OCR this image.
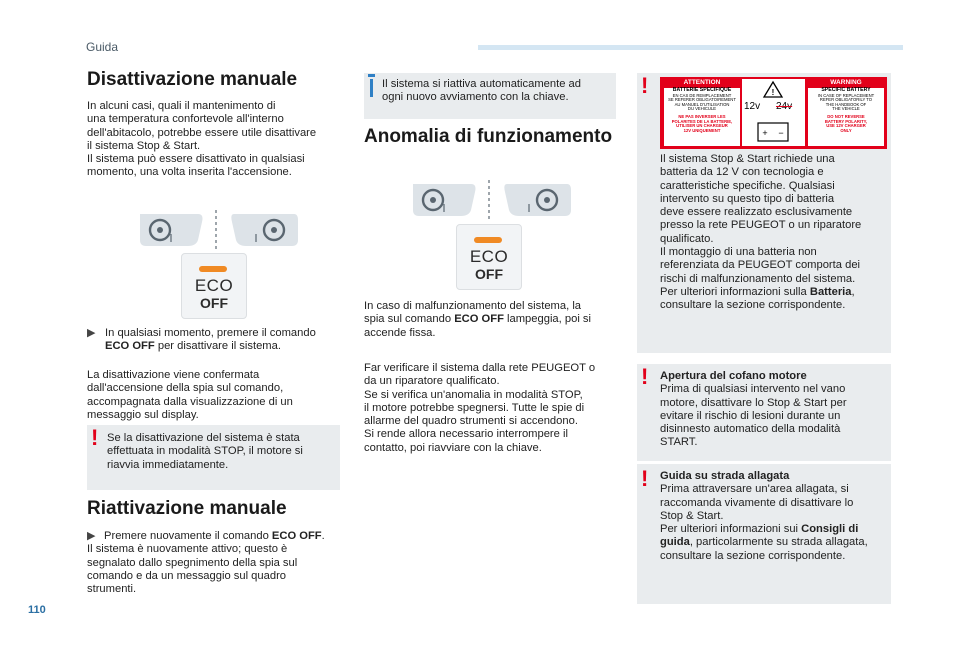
Guida
Disattivazione manuale
In alcuni casi, quali il mantenimento di
una temperatura confortevole all'interno
dell'abitacolo, potrebbe essere utile disattivare
il sistema Stop & Start.
Il sistema può essere disattivato in qualsiasi
momento, una volta inserita l'accensione.
ECO
OFF
▶ In qualsiasi momento, premere il comando
ECO OFF per disattivare il sistema.
La disattivazione viene confermata
dall'accensione della spia sul comando,
accompagnata dalla visualizzazione di un
messaggio sul display.
! Se la disattivazione del sistema è stata
effettuata in modalità STOP, il motore si
riavvia immediatamente.
Riattivazione manuale
▶ Premere nuovamente il comando ECO OFF.
Il sistema è nuovamente attivo; questo è
segnalato dallo spegnimento della spia sul
comando e da un messaggio sul quadro
strumenti.
Il sistema si riattiva automaticamente ad
ogni nuovo avviamento con la chiave.
Anomalia di funzionamento
ECO
OFF
In caso di malfunzionamento del sistema, la
spia sul comando ECO OFF lampeggia, poi si
accende fissa.
Far verificare il sistema dalla rete PEUGEOT o
da un riparatore qualificato.
Se si verifica un'anomalia in modalità STOP,
il motore potrebbe spegnersi. Tutte le spie di
allarme del quadro strumenti si accendono.
Si rende allora necessario interrompere il
contatto, poi riavviare con la chiave.
!	ATTENTION	WARNING
BATTERIE SPECIFIQUE
EN CAS DE REMPLACEMENT
SE REFERER OBLIGATOIREMENT
AU MANUEL D'UTILISATION
DU VEHICULE
NE PAS INVERSER LES
POLARITES DE LA BATTERIE,
UTILISER UN CHARGEUR
12V UNIQUEMENT
!
+ −
12v 24v
SPECIFIC BATTERY
IN CASE OF REPLACEMENT
REFER OBLIGATORILY TO
THE HANDBOOK OF
THE VEHICLE
DO NOT REVERSE
BATTERY POLARITY,
USE 12V CHARGER
ONLY
Il sistema Stop & Start richiede una
batteria da 12 V con tecnologia e
caratteristiche specifiche. Qualsiasi
intervento su questo tipo di batteria
deve essere realizzato esclusivamente
presso la rete PEUGEOT o un riparatore
qualificato.
Il montaggio di una batteria non
referenziata da PEUGEOT comporta dei
rischi di malfunzionamento del sistema.
Per ulteriori informazioni sulla Batteria,
consultare la sezione corrispondente.
! Apertura del cofano motore
Prima di qualsiasi intervento nel vano
motore, disattivare lo Stop & Start per
evitare il rischio di lesioni durante un
disinnesto automatico della modalità
START.
! Guida su strada allagata
Prima attraversare un'area allagata, si
raccomanda vivamente di disattivare lo
Stop & Start.
Per ulteriori informazioni sui Consigli di
guida, particolarmente su strada allagata,
consultare la sezione corrispondente.
110
